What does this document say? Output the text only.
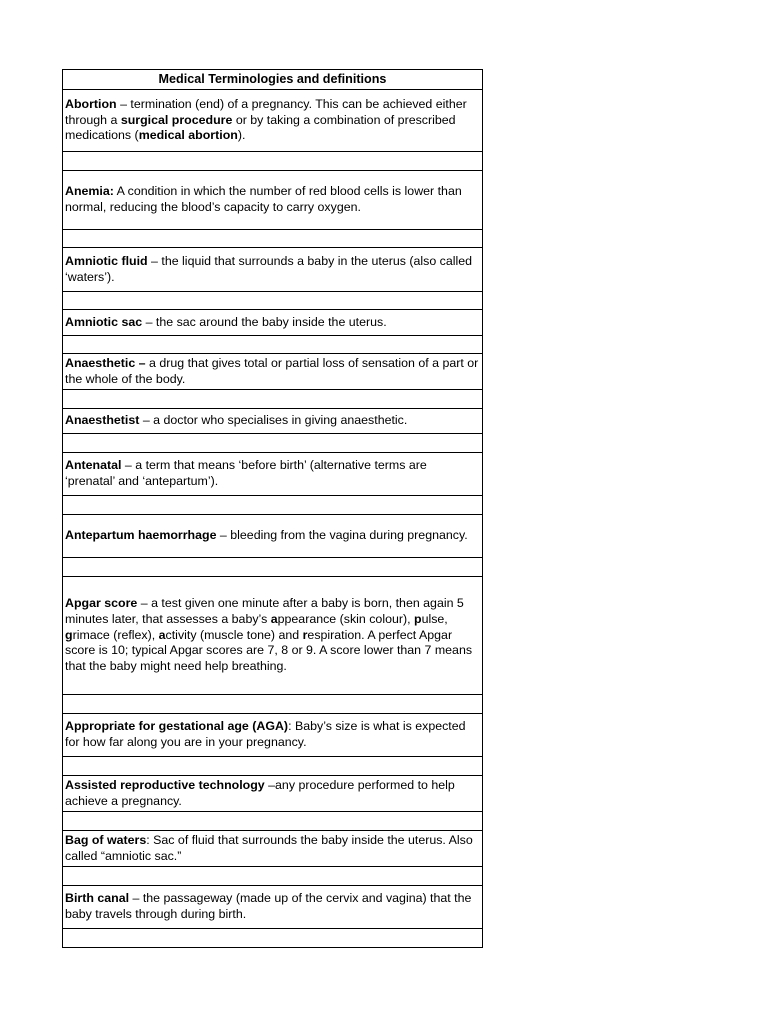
Medical Terminologies and definitions
Abortion – termination (end) of a pregnancy. This can be achieved either through a surgical procedure or by taking a combination of prescribed medications (medical abortion).

Anemia: A condition in which the number of red blood cells is lower than normal, reducing the blood’s capacity to carry oxygen.

Amniotic fluid – the liquid that surrounds a baby in the uterus (also called ‘waters’).

Amniotic sac – the sac around the baby inside the uterus.

Anaesthetic – a drug that gives total or partial loss of sensation of a part or the whole of the body.

Anaesthetist – a doctor who specialises in giving anaesthetic.

Antenatal – a term that means ‘before birth’ (alternative terms are ‘prenatal’ and ‘antepartum’).

Antepartum haemorrhage – bleeding from the vagina during pregnancy.

Apgar score – a test given one minute after a baby is born, then again 5 minutes later, that assesses a baby’s appearance (skin colour), pulse, grimace (reflex), activity (muscle tone) and respiration. A perfect Apgar score is 10; typical Apgar scores are 7, 8 or 9. A score lower than 7 means that the baby might need help breathing.

Appropriate for gestational age (AGA): Baby’s size is what is expected for how far along you are in your pregnancy.

Assisted reproductive technology –any procedure performed to help achieve a pregnancy.

Bag of waters: Sac of fluid that surrounds the baby inside the uterus. Also called “amniotic sac.”

Birth canal – the passageway (made up of the cervix and vagina) that the baby travels through during birth.
